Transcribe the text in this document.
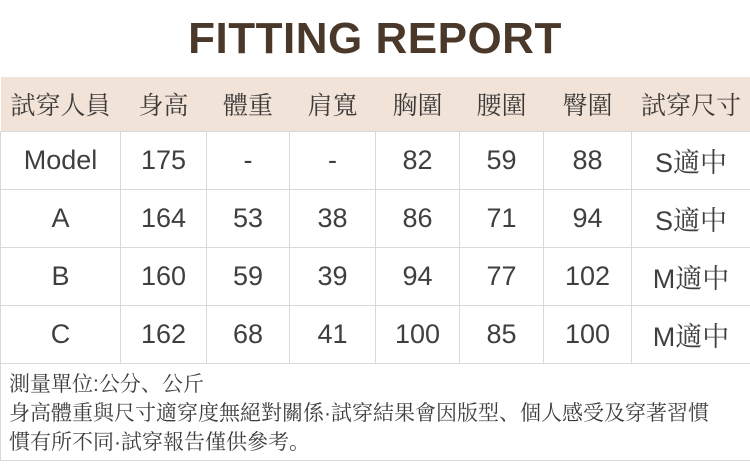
FITTING REPORT
試穿人員	身高	體重	肩寬	胸圍	腰圍	臀圍	試穿尺寸
Model	175	-	-	82	59	88	S適中
A	164	53	38	86	71	94	S適中
B	160	59	39	94	77	102	M適中
C	162	68	41	100	85	100	M適中

測量單位:公分、公斤
身高體重與尺寸適穿度無絕對關係·試穿結果會因版型、個人感受及穿著習慣
慣有所不同·試穿報告僅供參考。							
